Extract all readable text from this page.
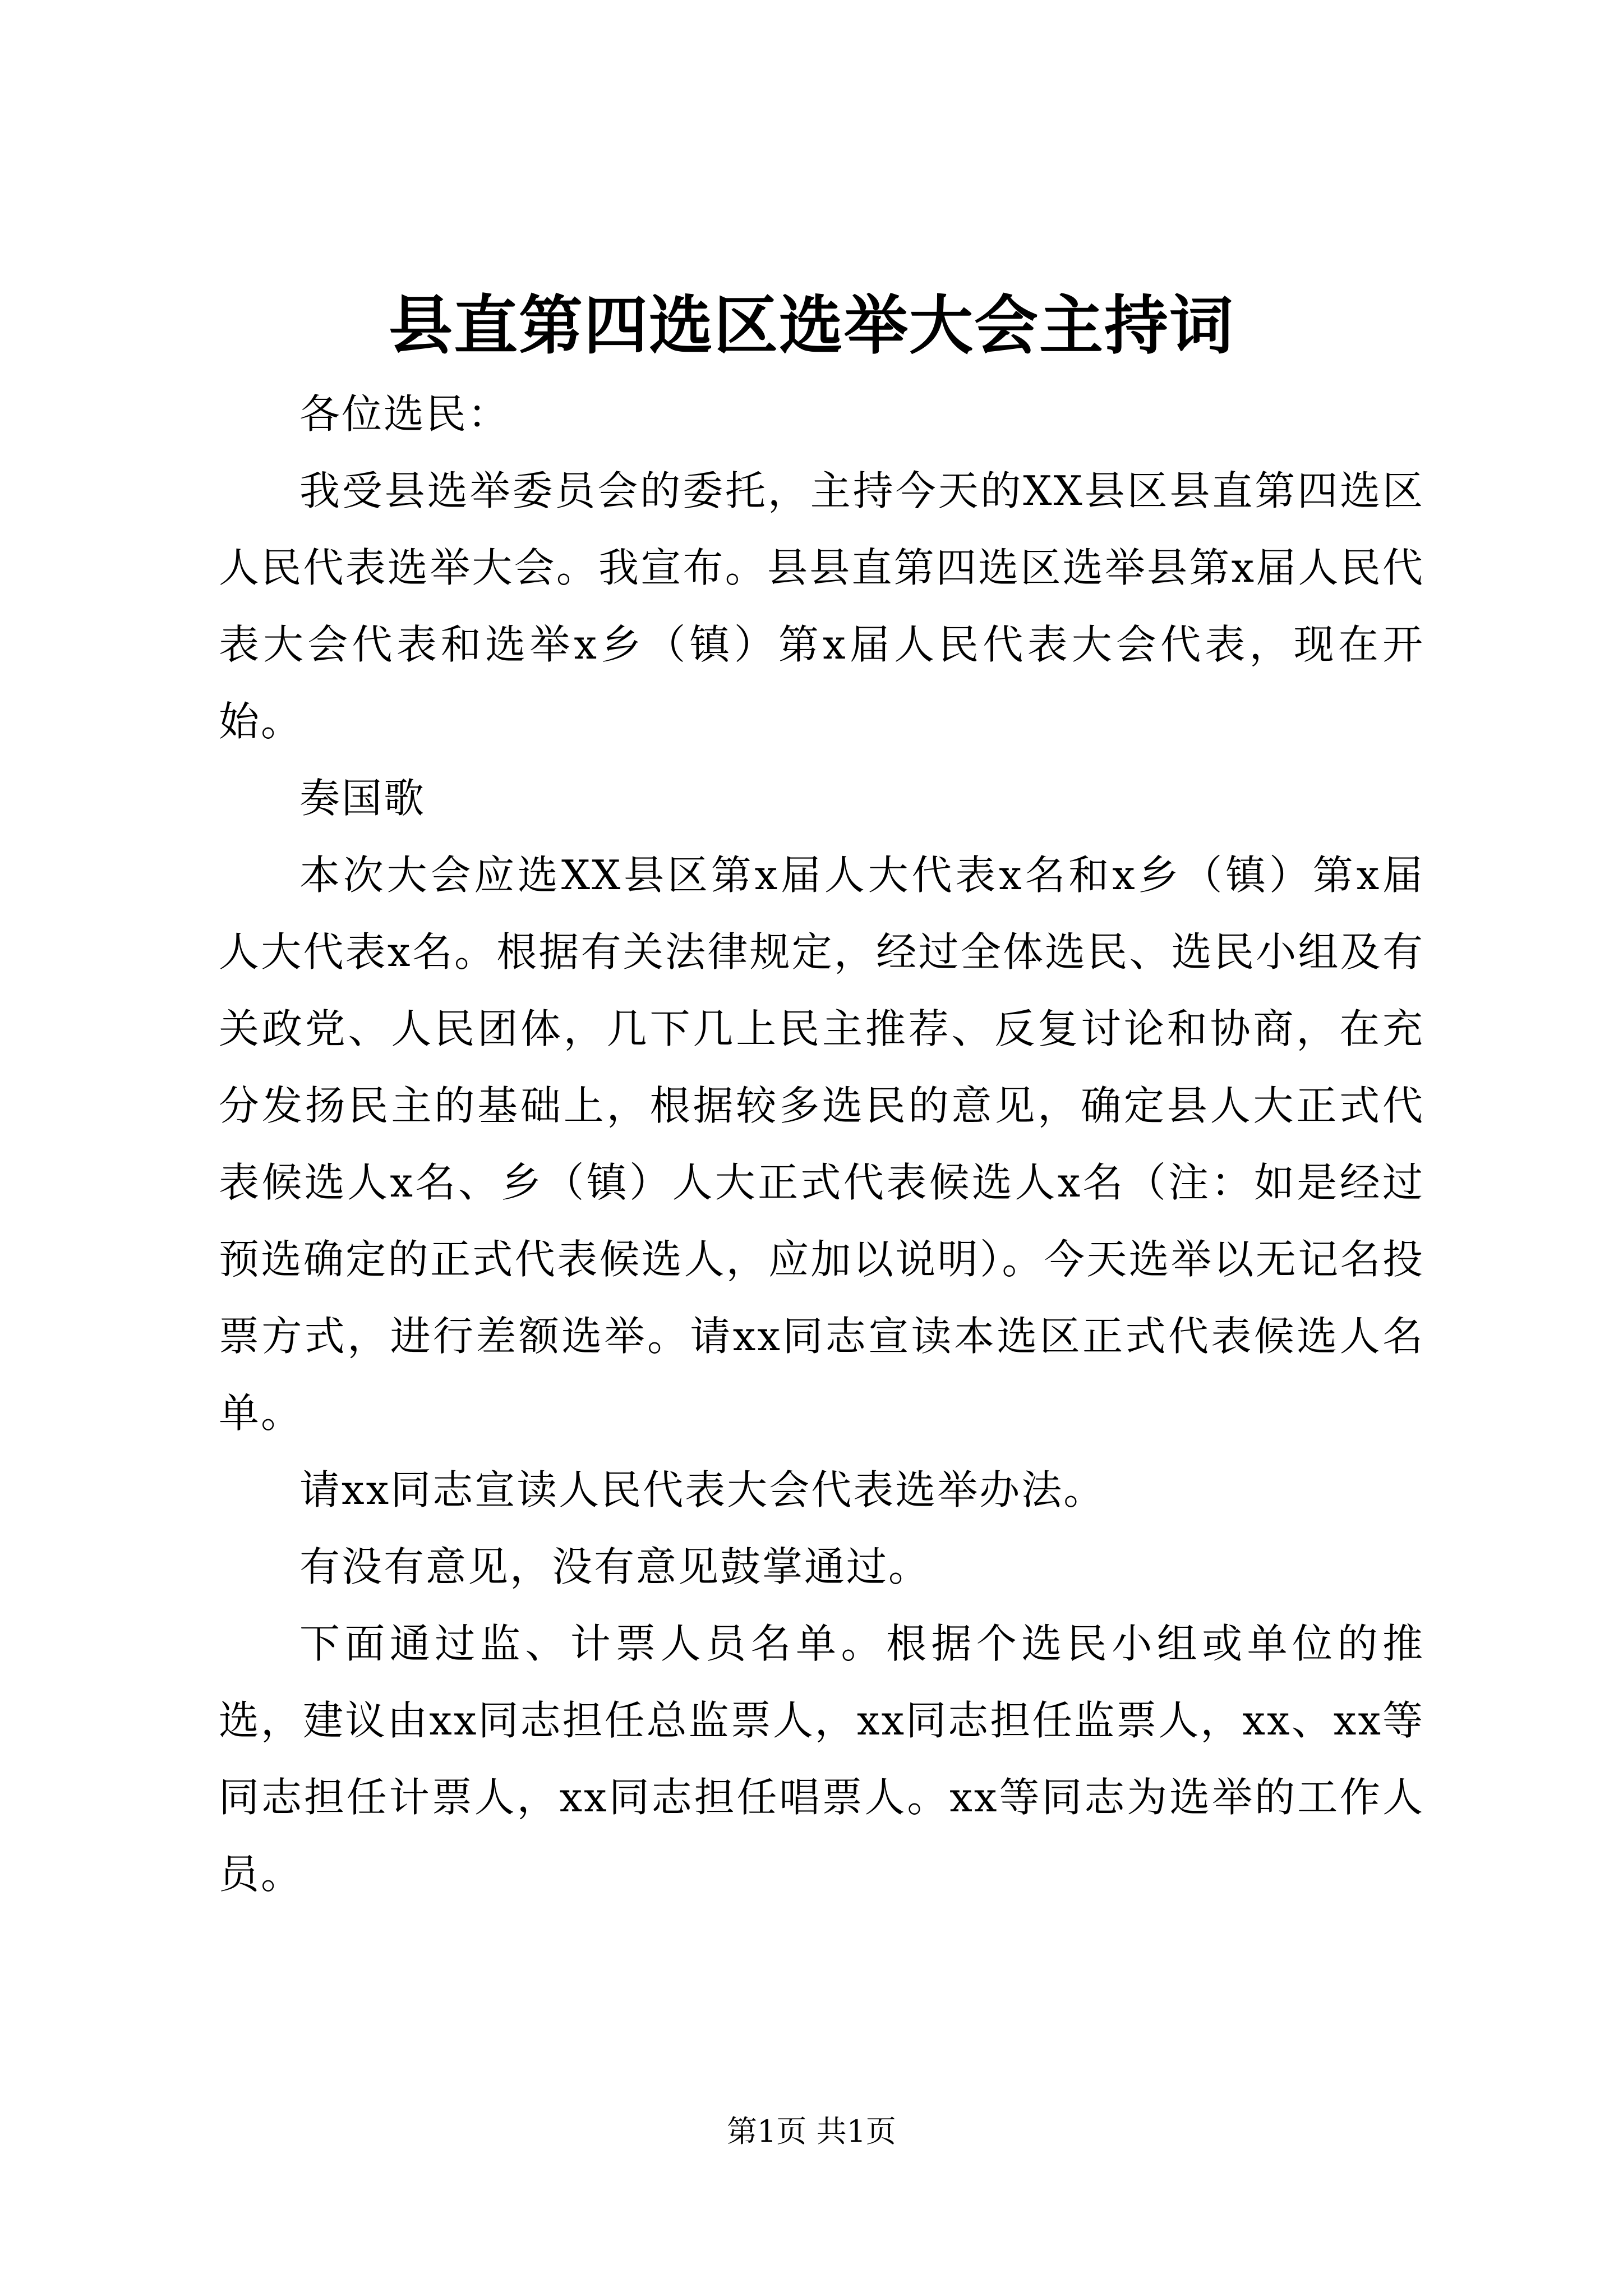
县直第四选区选举大会主持词

各位选民：

我受县选举委员会的委托，主持今天的XX县区县直第四选区人民代表选举大会。我宣布。县县直第四选区选举县第x届人民代表大会代表和选举x乡（镇）第x届人民代表大会代表，现在开始。

奏国歌

本次大会应选XX县区第x届人大代表x名和x乡（镇）第x届人大代表x名。根据有关法律规定，经过全体选民、选民小组及有关政党、人民团体，几下几上民主推荐、反复讨论和协商，在充分发扬民主的基础上，根据较多选民的意见，确定县人大正式代表候选人x名、乡（镇）人大正式代表候选人x名（注：如是经过预选确定的正式代表候选人，应加以说明）。今天选举以无记名投票方式，进行差额选举。请xx同志宣读本选区正式代表候选人名单。

请xx同志宣读人民代表大会代表选举办法。

有没有意见，没有意见鼓掌通过。

下面通过监、计票人员名单。根据个选民小组或单位的推选，建议由xx同志担任总监票人，xx同志担任监票人，xx、xx等同志担任计票人，xx同志担任唱票人。xx等同志为选举的工作人员。

第1页 共1页
